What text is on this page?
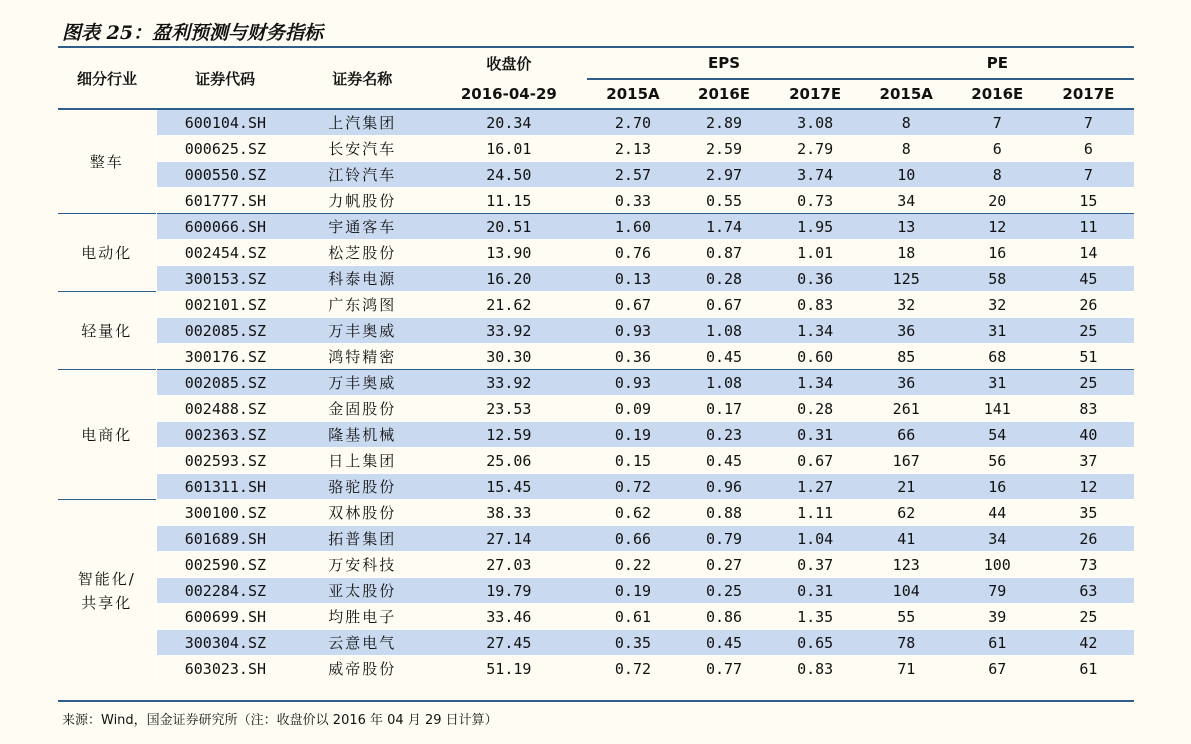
图表 25：盈利预测与财务指标
细分行业	证券代码	证券名称	收盘价	EPS			PE		
			2016-04-29	2015A	2016E	2017E	2015A	2016E	2017E
整车	600104.SH	上汽集团	20.34	2.70	2.89	3.08	8	7	7
	000625.SZ	长安汽车	16.01	2.13	2.59	2.79	8	6	6
	000550.SZ	江铃汽车	24.50	2.57	2.97	3.74	10	8	7
	601777.SH	力帆股份	11.15	0.33	0.55	0.73	34	20	15
电动化	600066.SH	宇通客车	20.51	1.60	1.74	1.95	13	12	11
	002454.SZ	松芝股份	13.90	0.76	0.87	1.01	18	16	14
	300153.SZ	科泰电源	16.20	0.13	0.28	0.36	125	58	45
轻量化	002101.SZ	广东鸿图	21.62	0.67	0.67	0.83	32	32	26
	002085.SZ	万丰奥威	33.92	0.93	1.08	1.34	36	31	25
	300176.SZ	鸿特精密	30.30	0.36	0.45	0.60	85	68	51
电商化	002085.SZ	万丰奥威	33.92	0.93	1.08	1.34	36	31	25
	002488.SZ	金固股份	23.53	0.09	0.17	0.28	261	141	83
	002363.SZ	隆基机械	12.59	0.19	0.23	0.31	66	54	40
	002593.SZ	日上集团	25.06	0.15	0.45	0.67	167	56	37
	601311.SH	骆驼股份	15.45	0.72	0.96	1.27	21	16	12

智能化/
共享化	300100.SZ	双林股份	38.33	0.62	0.88	1.11	62	44	35
	601689.SH	拓普集团	27.14	0.66	0.79	1.04	41	34	26
	002590.SZ	万安科技	27.03	0.22	0.27	0.37	123	100	73
	002284.SZ	亚太股份	19.79	0.19	0.25	0.31	104	79	63
	600699.SH	均胜电子	33.46	0.61	0.86	1.35	55	39	25
	300304.SZ	云意电气	27.45	0.35	0.45	0.65	78	61	42
	603023.SH	威帝股份	51.19	0.72	0.77	0.83	71	67	61
来源：Wind，国金证券研究所（注：收盘价以 2016 年 04 月 29 日计算）
